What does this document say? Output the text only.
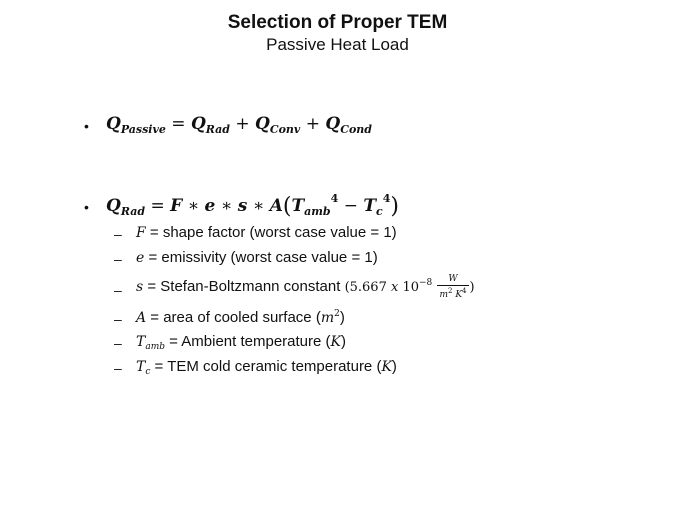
Selection of Proper TEM
Passive Heat Load
• $Q_{Passive} = Q_{Rad} + Q_{Conv} + Q_{Cond}$
• $Q_{Rad} = F$ ∗ e ∗ s ∗ $A(T_{amb}^4 - T_c^4)$
– F = shape factor (worst case value = 1)
– e = emissivity (worst case value = 1)
– s = Stefan-Boltzmann constant (5.667 x $10^{-8} \frac{W}{m^2 K^4}$ )
– A = area of cooled surface $(m^2)$
– $T_{amb}$ = Ambient temperature (K)
– $T_c$ = TEM cold ceramic temperature (K)
